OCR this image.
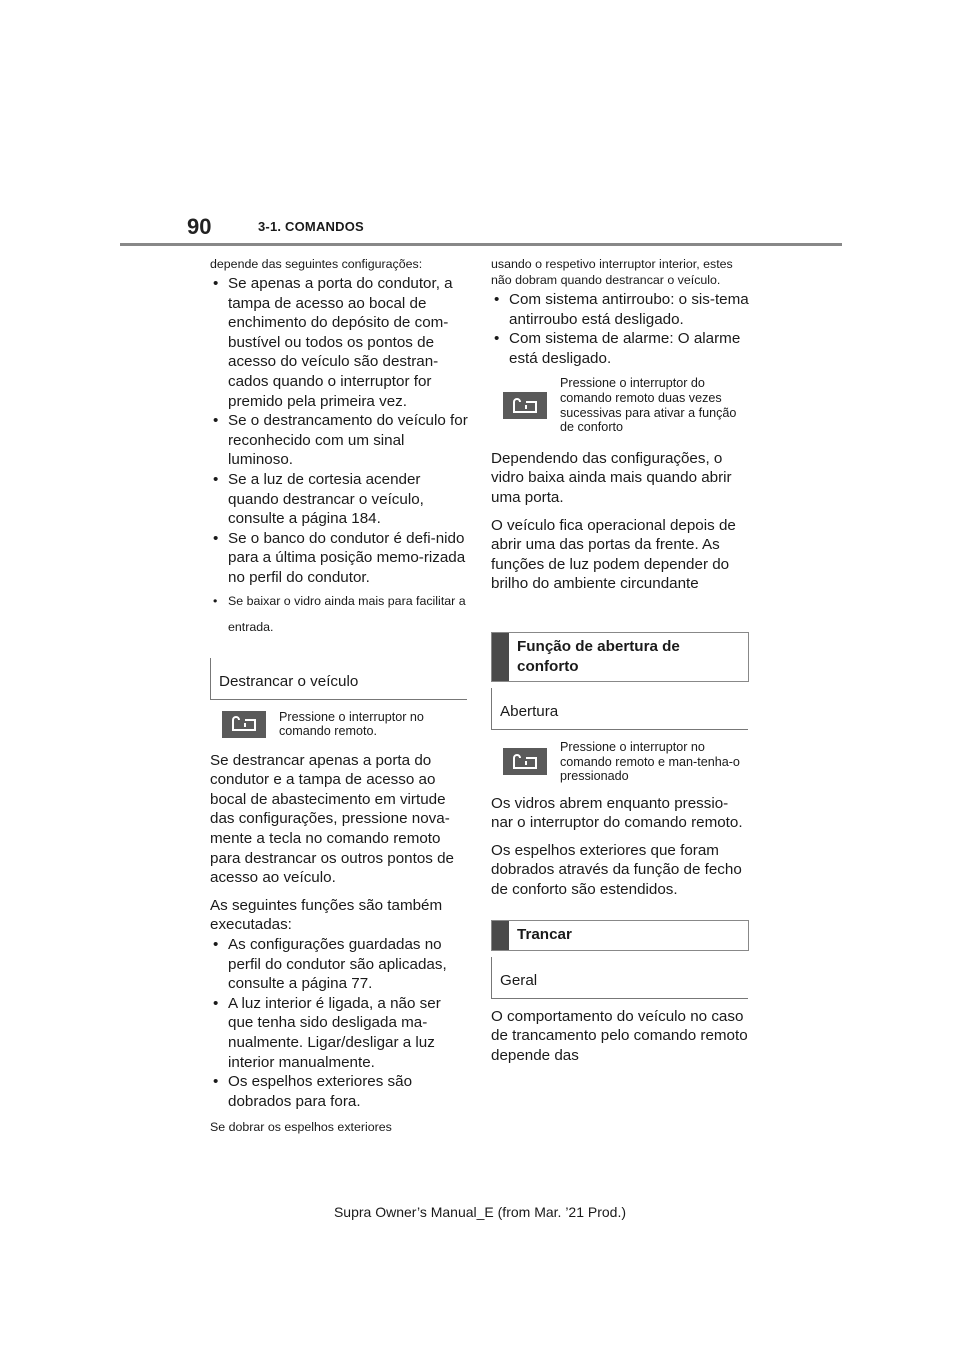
90	3-1. COMANDOS

depende das seguintes configurações:

• Se apenas a porta do condutor, a tampa de acesso ao bocal de enchimento do depósito de com-bustível ou todos os pontos de acesso do veículo são destran-cados quando o interruptor for premido pela primeira vez.
• Se o destrancamento do veículo for reconhecido com um sinal luminoso.
• Se a luz de cortesia acender quando destrancar o veículo, consulte a página 184.
• Se o banco do condutor é defi-nido para a última posição memo-rizada no perfil do condutor.
• Se baixar o vidro ainda mais para facilitar a entrada.
Destrancar o veículo
Pressione o interruptor no comando remoto.

Se destrancar apenas a porta do condutor e a tampa de acesso ao bocal de abastecimento em virtude das configurações, pressione nova-mente a tecla no comando remoto para destrancar os outros pontos de acesso ao veículo.

As seguintes funções são também executadas:

• As configurações guardadas no perfil do condutor são aplicadas, consulte a página 77.
• A luz interior é ligada, a não ser que tenha sido desligada ma-nualmente. Ligar/desligar a luz interior manualmente.
• Os espelhos exteriores são dobrados para fora.

Se dobrar os espelhos exteriores

usando o respetivo interruptor interior, estes não dobram quando destrancar o veículo.

• Com sistema antirroubo: o sis-tema antirroubo está desligado.
• Com sistema de alarme: O alarme está desligado.
Pressione o interruptor do comando remoto duas vezes sucessivas para ativar a função de conforto

Dependendo das configurações, o vidro baixa ainda mais quando abrir uma porta.

O veículo fica operacional depois de abrir uma das portas da frente. As funções de luz podem depender do brilho do ambiente circundante

Função de abertura de conforto
Abertura
Pressione o interruptor no comando remoto e man-tenha-o pressionado

Os vidros abrem enquanto pressio-nar o interruptor do comando remoto.

Os espelhos exteriores que foram dobrados através da função de fecho de conforto são estendidos.

Trancar
Geral

O comportamento do veículo no caso de trancamento pelo comando remoto depende das

Supra Owner’s Manual_E (from Mar. ’21 Prod.)
